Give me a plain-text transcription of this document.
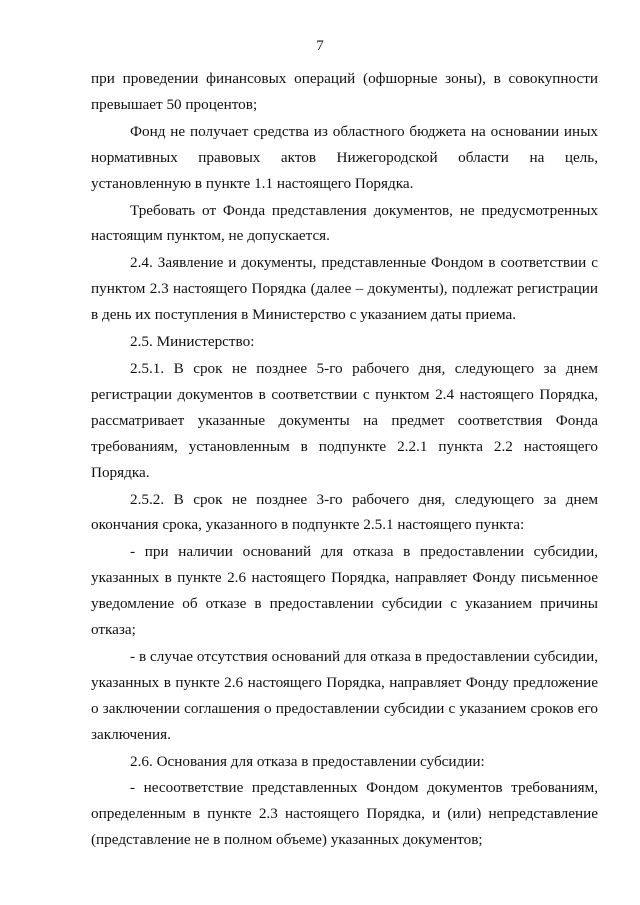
7

при проведении финансовых операций (офшорные зоны), в совокупности превышает 50 процентов;

Фонд не получает средства из областного бюджета на основании иных нормативных правовых актов Нижегородской области на цель, установленную в пункте 1.1 настоящего Порядка.

Требовать от Фонда представления документов, не предусмотренных настоящим пунктом, не допускается.

2.4. Заявление и документы, представленные Фондом в соответствии с пунктом 2.3 настоящего Порядка (далее – документы), подлежат регистрации в день их поступления в Министерство с указанием даты приема.

2.5. Министерство:

2.5.1. В срок не позднее 5-го рабочего дня, следующего за днем регистрации документов в соответствии с пунктом 2.4 настоящего Порядка, рассматривает указанные документы на предмет соответствия Фонда требованиям, установленным в подпункте 2.2.1 пункта 2.2 настоящего Порядка.

2.5.2. В срок не позднее 3-го рабочего дня, следующего за днем окончания срока, указанного в подпункте 2.5.1 настоящего пункта:

- при наличии оснований для отказа в предоставлении субсидии, указанных в пункте 2.6 настоящего Порядка, направляет Фонду письменное уведомление об отказе в предоставлении субсидии с указанием причины отказа;

- в случае отсутствия оснований для отказа в предоставлении субсидии, указанных в пункте 2.6 настоящего Порядка, направляет Фонду предложение о заключении соглашения о предоставлении субсидии с указанием сроков его заключения.

2.6. Основания для отказа в предоставлении субсидии:

- несоответствие представленных Фондом документов требованиям, определенным в пункте 2.3 настоящего Порядка, и (или) непредставление (представление не в полном объеме) указанных документов;
